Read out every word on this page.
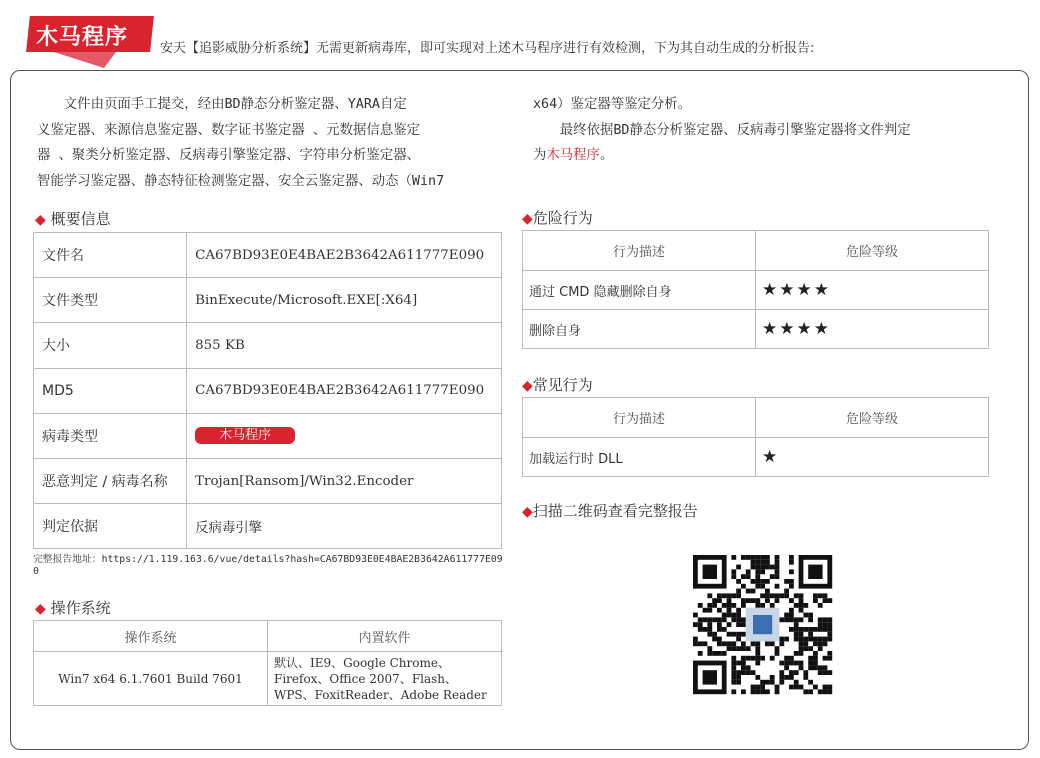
木马程序	安天【追影威胁分析系统】无需更新病毒库，即可实现对上述木马程序进行有效检测，下为其自动生成的分析报告:
文件由页面手工提交，经由BD静态分析鉴定器、YARA自定
义鉴定器、来源信息鉴定器、数字证书鉴定器 、元数据信息鉴定
器 、聚类分析鉴定器、反病毒引擎鉴定器、字符串分析鉴定器、
智能学习鉴定器、静态特征检测鉴定器、安全云鉴定器、动态（Win7
x64）鉴定器等鉴定分析。
最终依据BD静态分析鉴定器、反病毒引擎鉴定器将文件判定
为木马程序。
◆ 概要信息
文件名	CA67BD93E0E4BAE2B3642A611777E090
文件类型	BinExecute/Microsoft.EXE[:X64]
大小	855 KB
MD5	CA67BD93E0E4BAE2B3642A611777E090
病毒类型	木马程序
恶意判定 / 病毒名称	Trojan[Ransom]/Win32.Encoder
判定依据	反病毒引擎
完整报告地址：https://1.119.163.6/vue/details?hash=CA67BD93E0E4BAE2B3642A611777E090
◆ 操作系统
操作系统	内置软件
Win7 x64 6.1.7601 Build 7601	默认、IE9、Google Chrome、Firefox、Office 2007、Flash、WPS、FoxitReader、Adobe Reader
◆危险行为
行为描述	危险等级
通过 CMD 隐藏删除自身	★★★★
删除自身	★★★★
◆常见行为
行为描述	危险等级
加载运行时 DLL	★
◆扫描二维码查看完整报告
